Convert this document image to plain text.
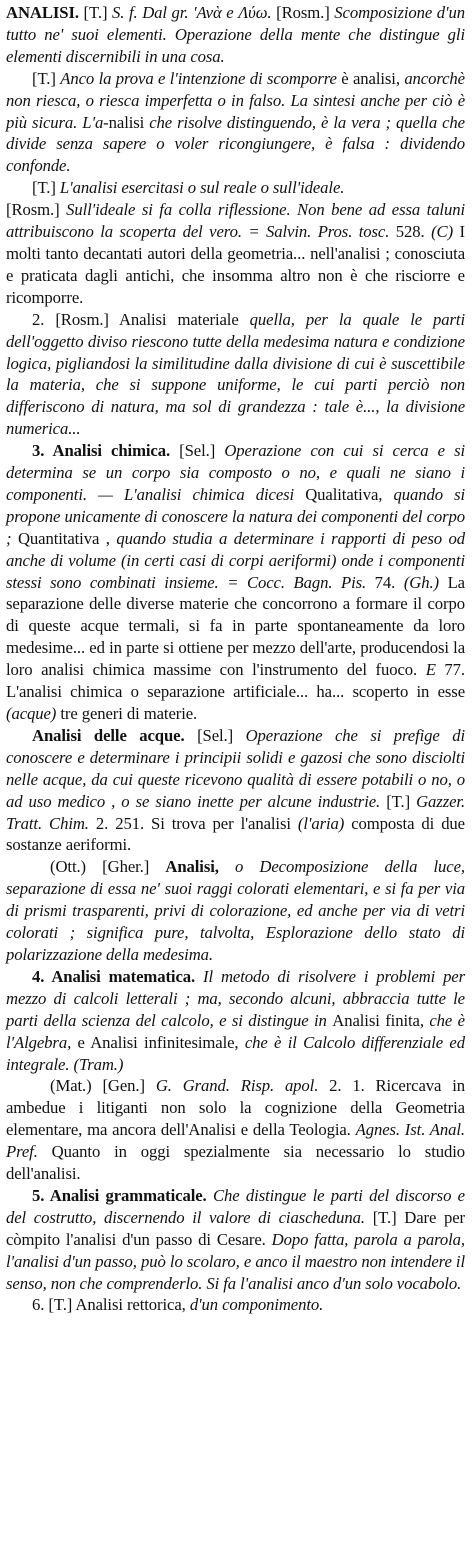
ANALISI. [T.] S. f. Dal gr. 'Ανὰ e Λύω. [Rosm.] Scomposizione d'un tutto ne' suoi elementi. Operazione della mente che distingue gli elementi discernibili in una cosa.

[T.] Anco la prova e l'intenzione di scomporre è analisi, ancorchè non riesca, o riesca imperfetta o in falso. La sintesi anche per ciò è più sicura. L'a-nalisi che risolve distinguendo, è la vera ; quella che divide senza sapere o voler ricongiungere, è falsa : dividendo confonde.

[T.] L'analisi esercitasi o sul reale o sull'ideale.

[Rosm.] Sull'ideale si fa colla riflessione. Non bene ad essa taluni attribuiscono la scoperta del vero. = Salvin. Pros. tosc. 528. (C) I molti tanto decantati autori della geometria... nell'analisi ; conosciuta e praticata dagli antichi, che insomma altro non è che risciorre e ricomporre.

2. [Rosm.] Analisi materiale quella, per la quale le parti dell'oggetto diviso riescono tutte della medesima natura e condizione logica, pigliandosi la similitudine dalla divisione di cui è suscettibile la materia, che si suppone uniforme, le cui parti perciò non differiscono di natura, ma sol di grandezza : tale è..., la divisione numerica...

3. Analisi chimica. [Sel.] Operazione con cui si cerca e si determina se un corpo sia composto o no, e quali ne siano i componenti. — L'analisi chimica dicesi Qualitativa, quando si propone unicamente di conoscere la natura dei componenti del corpo ; Quantitativa , quando studia a determinare i rapporti di peso od anche di volume (in certi casi di corpi aeriformi) onde i componenti stessi sono combinati insieme. = Cocc. Bagn. Pis. 74. (Gh.) La separazione delle diverse materie che concorrono a formare il corpo di queste acque termali, si fa in parte spontaneamente da loro medesime... ed in parte si ottiene per mezzo dell'arte, producendosi la loro analisi chimica massime con l'instrumento del fuoco. E 77. L'analisi chimica o separazione artificiale... ha... scoperto in esse (acque) tre generi di materie.

Analisi delle acque. [Sel.] Operazione che si prefige di conoscere e determinare i principii solidi e gazosi che sono disciolti nelle acque, da cui queste ricevono qualità di essere potabili o no, o ad uso medico , o se siano inette per alcune industrie. [T.] Gazzer. Tratt. Chim. 2. 251. Si trova per l'analisi (l'aria) composta di due sostanze aeriformi.

(Ott.) [Gher.] Analisi, o Decomposizione della luce, separazione di essa ne' suoi raggi colorati elementari, e si fa per via di prismi trasparenti, privi di colorazione, ed anche per via di vetri colorati ; significa pure, talvolta, Esplorazione dello stato di polarizzazione della medesima.

4. Analisi matematica. Il metodo di risolvere i problemi per mezzo di calcoli letterali ; ma, secondo alcuni, abbraccia tutte le parti della scienza del calcolo, e si distingue in Analisi finita, che è l'Algebra, e Analisi infinitesimale, che è il Calcolo differenziale ed integrale. (Tram.)

(Mat.) [Gen.] G. Grand. Risp. apol. 2. 1. Ricercava in ambedue i litiganti non solo la cognizione della Geometria elementare, ma ancora dell'Analisi e della Teologia. Agnes. Ist. Anal. Pref. Quanto in oggi spezialmente sia necessario lo studio dell'analisi.

5. Analisi grammaticale. Che distingue le parti del discorso e del costrutto, discernendo il valore di ciascheduna. [T.] Dare per còmpito l'analisi d'un passo di Cesare. Dopo fatta, parola a parola, l'analisi d'un passo, può lo scolaro, e anco il maestro non intendere il senso, non che comprenderlo. Si fa l'analisi anco d'un solo vocabolo.

6. [T.] Analisi rettorica, d'un componimento.
